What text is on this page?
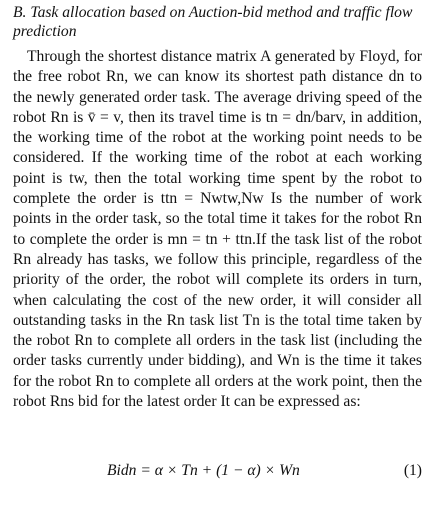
B. Task allocation based on Auction-bid method and traffic flow prediction

Through the shortest distance matrix A generated by Floyd, for the free robot Rn, we can know its shortest path distance dn to the newly generated order task. The average driving speed of the robot Rn is v̄ = v, then its travel time is tn = dn/barv, in addition, the working time of the robot at the working point needs to be considered. If the working time of the robot at each working point is tw, then the total working time spent by the robot to complete the order is ttn = Nwtw,Nw Is the number of work points in the order task, so the total time it takes for the robot Rn to complete the order is mn = tn + ttn.If the task list of the robot Rn already has tasks, we follow this principle, regardless of the priority of the order, the robot will complete its orders in turn, when calculating the cost of the new order, it will consider all outstanding tasks in the Rn task list Tn is the total time taken by the robot Rn to complete all orders in the task list (including the order tasks currently under bidding), and Wn is the time it takes for the robot Rn to complete all orders at the work point, then the robot Rns bid for the latest order It can be expressed as:

Bidn = α × Tn + (1 − α) × Wn	(1)
